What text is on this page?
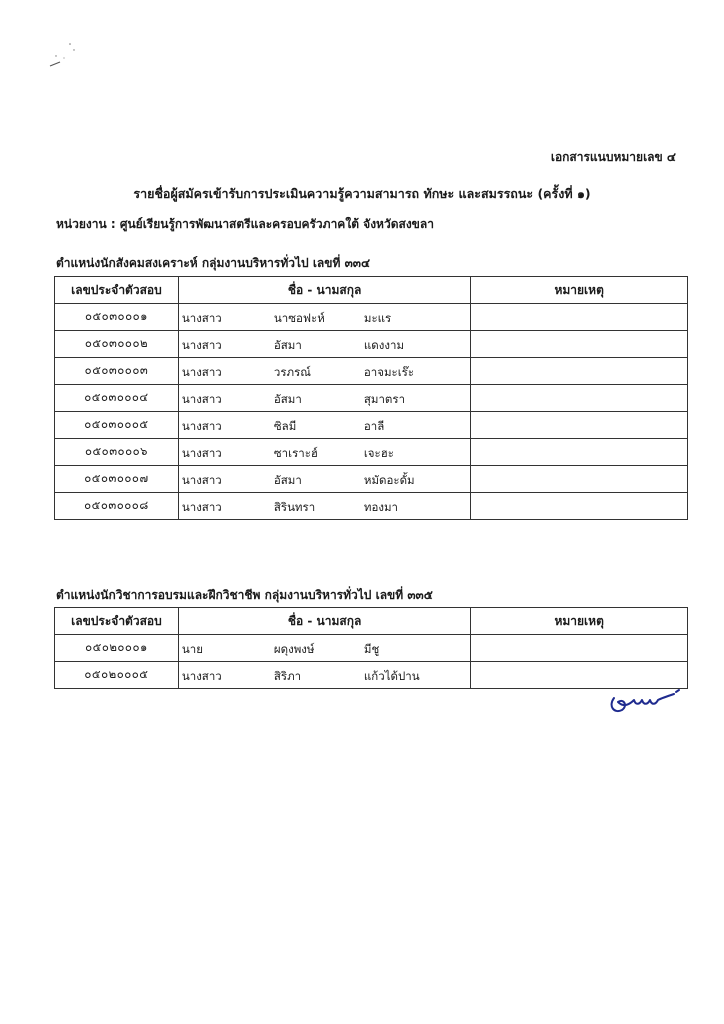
เอกสารแนบหมายเลข ๔
รายชื่อผู้สมัครเข้ารับการประเมินความรู้ความสามารถ ทักษะ และสมรรถนะ (ครั้งที่ ๑)
หน่วยงาน : ศูนย์เรียนรู้การพัฒนาสตรีและครอบครัวภาคใต้ จังหวัดสงขลา
ตำแหน่งนักสังคมสงเคราะห์ กลุ่มงานบริหารทั่วไป เลขที่ ๓๓๔
เลขประจำตัวสอบ	ชื่อ - นามสกุล	หมายเหตุ
๐๕๐๓๐๐๐๑	นางสาว นาซอฟะห์ มะแร	

๐๕๐๓๐๐๐๒	นางสาว อัสมา แดงงาม	

๐๕๐๓๐๐๐๓	นางสาว วรภรณ์ อาจมะเร๊ะ	

๐๕๐๓๐๐๐๔	นางสาว อัสมา สุมาตรา	

๐๕๐๓๐๐๐๕	นางสาว ซิลมี อาลี	

๐๕๐๓๐๐๐๖	นางสาว ซาเราะฮ์ เจะฮะ	

๐๕๐๓๐๐๐๗	นางสาว อัสมา หมัดอะดั้ม	

๐๕๐๓๐๐๐๘	นางสาว สิรินทรา ทองมา	

ตำแหน่งนักวิชาการอบรมและฝึกวิชาชีพ กลุ่มงานบริหารทั่วไป เลขที่ ๓๓๕
เลขประจำตัวสอบ	ชื่อ - นามสกุล	หมายเหตุ
๐๕๐๒๐๐๐๑	นาย ผดุงพงษ์ มีชู	

๐๕๐๒๐๐๐๕	นางสาว สิริภา แก้วได้ปาน	
